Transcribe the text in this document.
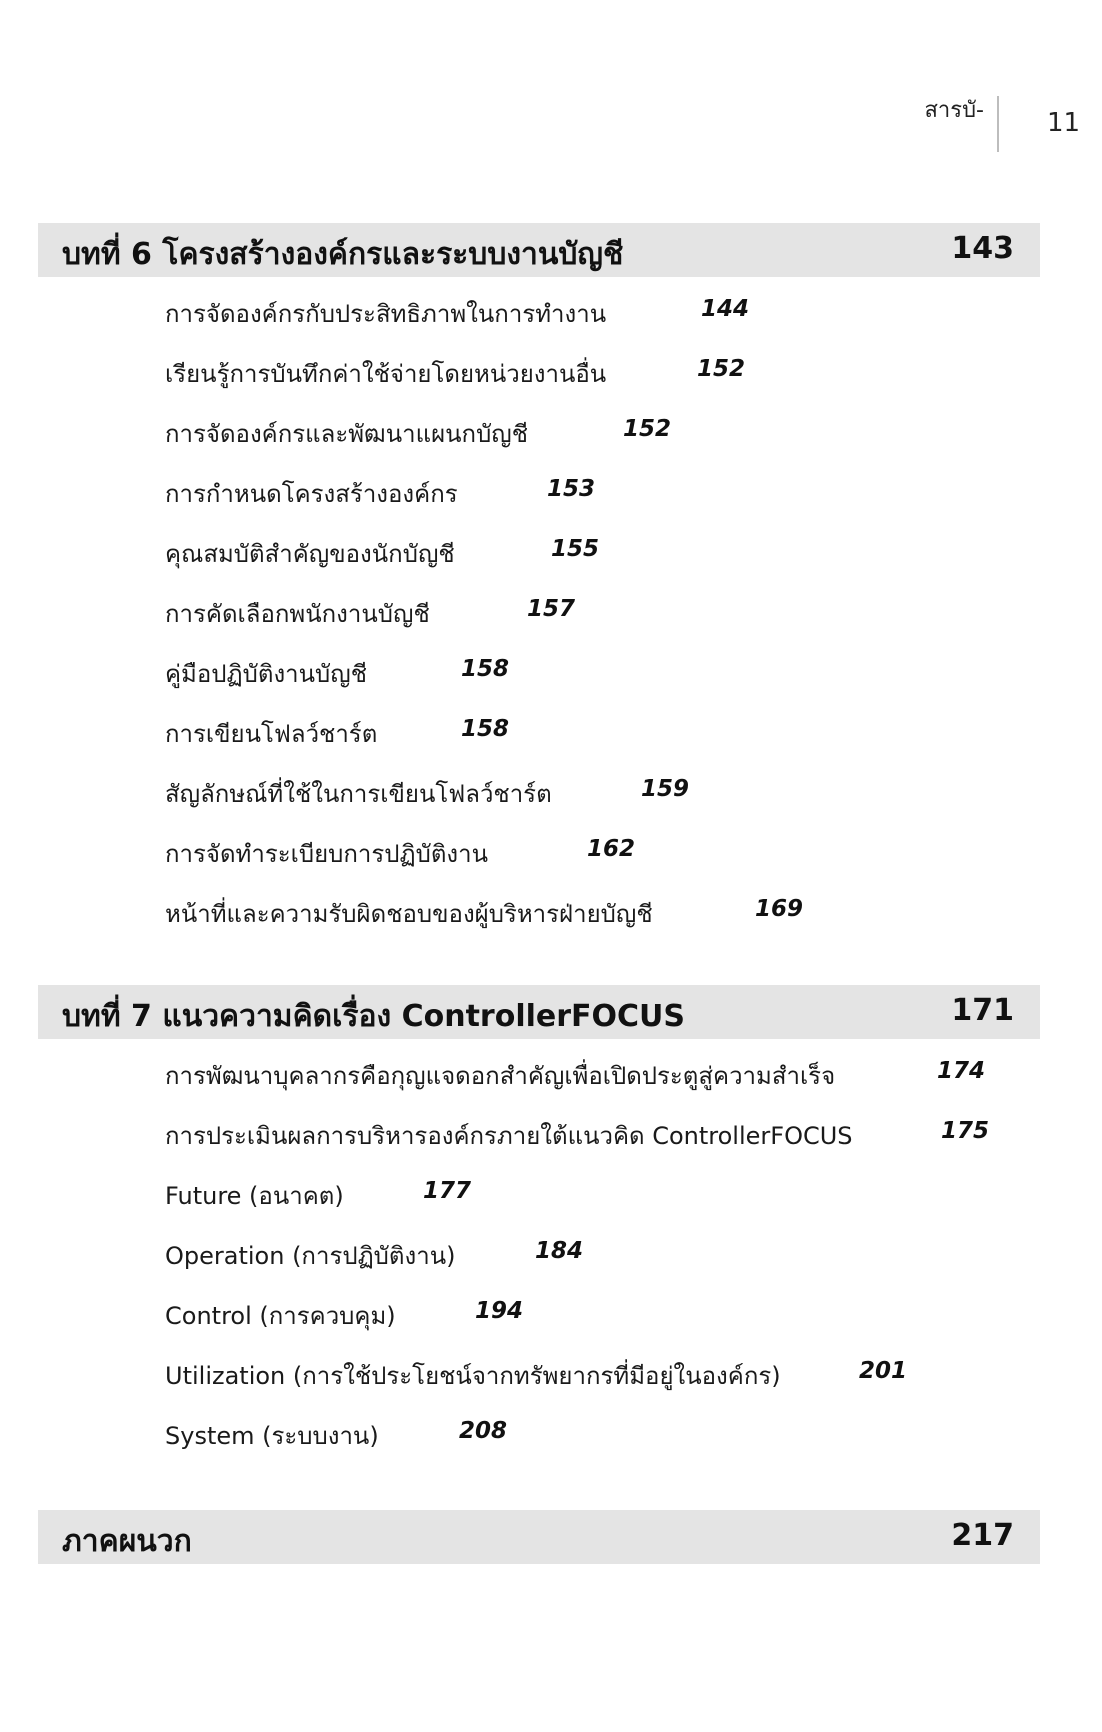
สารบั- 11
บทที่ 6 โครงสร้างองค์กรและระบบงานบัญชี	143
การจัดองค์กรกับประสิทธิภาพในการทำงาน	144
เรียนรู้การบันทึกค่าใช้จ่ายโดยหน่วยงานอื่น	152
การจัดองค์กรและพัฒนาแผนกบัญชี	152
การกำหนดโครงสร้างองค์กร	153
คุณสมบัติสำคัญของนักบัญชี	155
การคัดเลือกพนักงานบัญชี	157
คู่มือปฏิบัติงานบัญชี	158
การเขียนโฟลว์ชาร์ต	158
สัญลักษณ์ที่ใช้ในการเขียนโฟลว์ชาร์ต	159
การจัดทำระเบียบการปฏิบัติงาน	162
หน้าที่และความรับผิดชอบของผู้บริหารฝ่ายบัญชี	169
บทที่ 7 แนวความคิดเรื่อง ControllerFOCUS	171
การพัฒนาบุคลากรคือกุญแจดอกสำคัญเพื่อเปิดประตูสู่ความสำเร็จ	174
การประเมินผลการบริหารองค์กรภายใต้แนวคิด ControllerFOCUS	175
Future (อนาคต)	177
Operation (การปฏิบัติงาน)	184
Control (การควบคุม)	194
Utilization (การใช้ประโยชน์จากทรัพยากรที่มีอยู่ในองค์กร)	201
System (ระบบงาน)	208
ภาคผนวก	217
